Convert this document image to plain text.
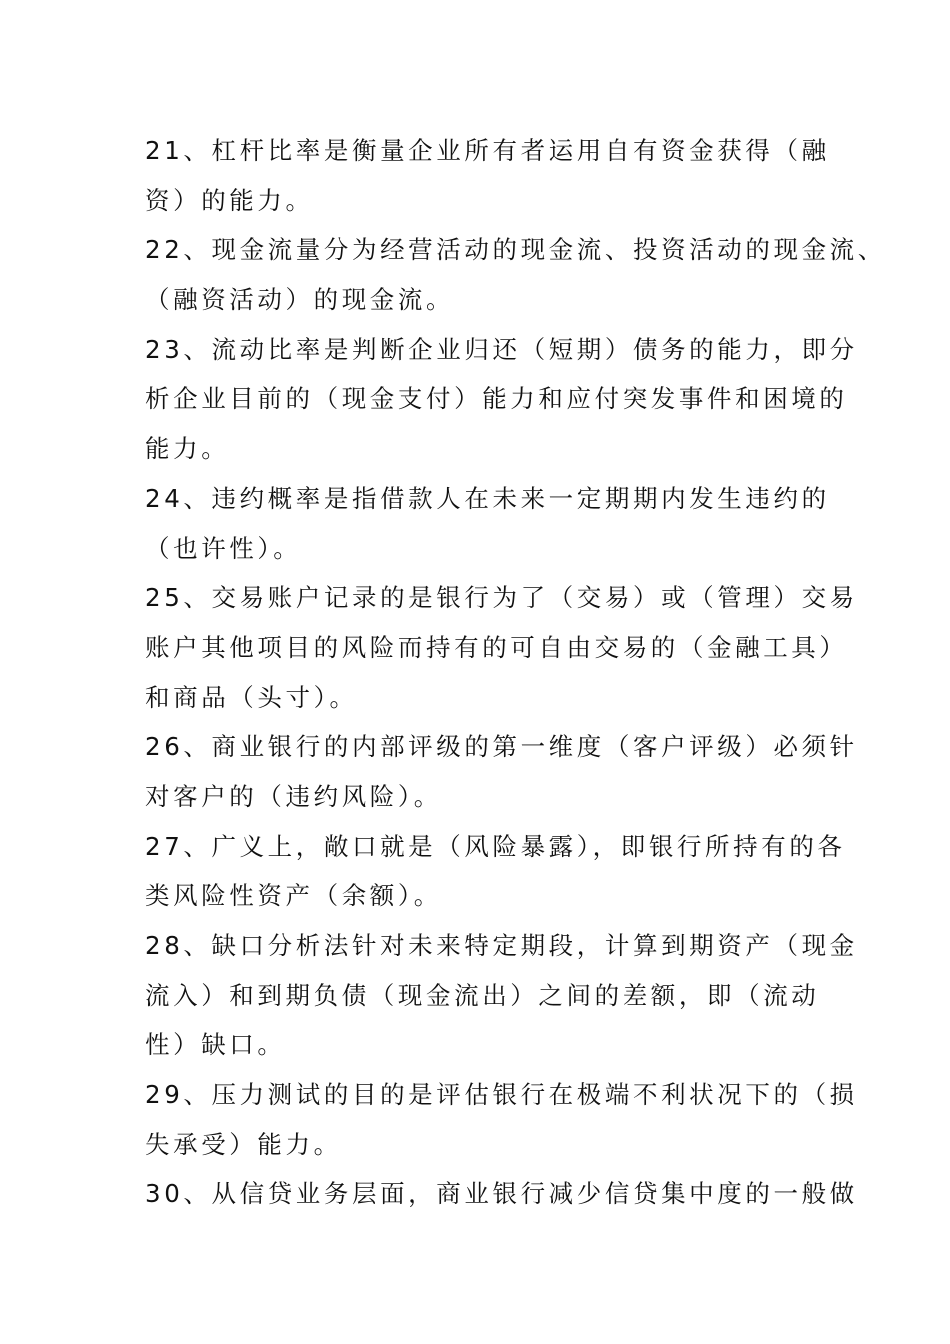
21、杠杆比率是衡量企业所有者运用自有资金获得（融
资）的能力。
22、现金流量分为经营活动的现金流、投资活动的现金流、
（融资活动）的现金流。
23、流动比率是判断企业归还（短期）债务的能力，即分
析企业目前的（现金支付）能力和应付突发事件和困境的
能力。
24、违约概率是指借款人在未来一定期期内发生违约的
（也许性）。
25、交易账户记录的是银行为了（交易）或（管理）交易
账户其他项目的风险而持有的可自由交易的（金融工具）
和商品（头寸）。
26、商业银行的内部评级的第一维度（客户评级）必须针
对客户的（违约风险）。
27、广义上，敞口就是（风险暴露），即银行所持有的各
类风险性资产（余额）。
28、缺口分析法针对未来特定期段，计算到期资产（现金
流入）和到期负债（现金流出）之间的差额，即（流动
性）缺口。
29、压力测试的目的是评估银行在极端不利状况下的（损
失承受）能力。
30、从信贷业务层面，商业银行减少信贷集中度的一般做
